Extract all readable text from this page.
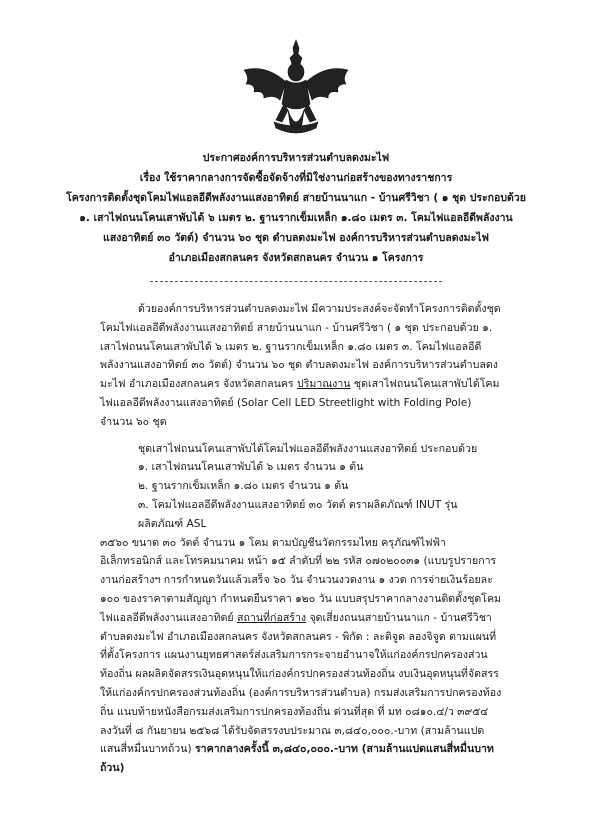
ประกาศองค์การบริหารส่วนตำบลดงมะไฟ
เรื่อง ใช้ราคากลางการจัดซื้อจัดจ้างที่มิใช่งานก่อสร้างของทางราชการ
โครงการติดตั้งชุดโคมไฟแอลอีดีพลังงานแสงอาทิตย์ สายบ้านนาแก - บ้านศรีวิชา ( ๑ ชุด ประกอบด้วย
๑. เสาไฟถนนโคนเสาพับได้ ๖ เมตร ๒. ฐานรากเข็มเหล็ก ๑.๘๐ เมตร ๓. โคมไฟแอลอีดีพลังงาน
แสงอาทิตย์ ๓๐ วัตต์) จำนวน ๖๐ ชุด ตำบลดงมะไฟ องค์การบริหารส่วนตำบลดงมะไฟ
อำเภอเมืองสกลนคร จังหวัดสกลนคร จำนวน ๑ โครงการ

ด้วยองค์การบริหารส่วนตำบลดงมะไฟ มีความประสงค์จะจัดทำโครงการติดตั้งชุดโคมไฟแอลอีดีพลังงานแสงอาทิตย์ สายบ้านนาแก - บ้านศรีวิชา ( ๑ ชุด ประกอบด้วย ๑. เสาไฟถนนโคนเสาพับได้ ๖ เมตร ๒. ฐานรากเข็มเหล็ก ๑.๘๐ เมตร ๓. โคมไฟแอลอีดีพลังงานแสงอาทิตย์ ๓๐ วัตต์) จำนวน ๖๐ ชุด ตำบลดงมะไฟ องค์การบริหารส่วนตำบลดงมะไฟ อำเภอเมืองสกลนคร จังหวัดสกลนคร ปริมาณงาน ชุดเสาไฟถนนโคนเสาพับได้โคมไฟแอลอีดีพลังงานแสงอาทิตย์ (Solar Cell LED Streetlight with Folding Pole) จำนวน ๖๐ ชุด

ชุดเสาไฟถนนโคนเสาพับได้โคมไฟแอลอีดีพลังงานแสงอาทิตย์ ประกอบด้วย
๑. เสาไฟถนนโคนเสาพับได้ ๖ เมตร จำนวน ๑ ต้น
๒. ฐานรากเข็มเหล็ก ๑.๘๐ เมตร จำนวน ๑ ต้น
๓. โคมไฟแอลอีดีพลังงานแสงอาทิตย์ ๓๐ วัตต์ ตราผลิตภัณฑ์ INUT รุ่นผลิตภัณฑ์ ASL

๓๕๖๐ ขนาด ๓๐ วัตต์ จำนวน ๑ โคม ตามบัญชีนวัตกรรมไทย ครุภัณฑ์ไฟฟ้า อิเล็กทรอนิกส์ และโทรคมนาคม หน้า ๑๕ ลำดับที่ ๒๒ รหัส ๐๗๐๒๐๐๓๑ (แบบรูปรายการงานก่อสร้างฯ การกำหนดวันแล้วเสร็จ ๖๐ วัน จำนวนงวดงาน ๑ งวด การจ่ายเงินร้อยละ ๑๐๐ ของราคาตามสัญญา กำหนดยืนราคา ๑๒๐ วัน แบบสรุปราคากลางงานติดตั้งชุดโคมไฟแอลอีดีพลังงานแสงอาทิตย์ สถานที่ก่อสร้าง จุดเสี่ยงถนนสายบ้านนาแก - บ้านศรีวิชา ตำบลดงมะไฟ อำเภอเมืองสกลนคร จังหวัดสกลนคร - พิกัด : ละติจูด ลองจิจูด ตามแผนที่ที่ตั้งโครงการ แผนงานยุทธศาสตร์ส่งเสริมการกระจายอำนาจให้แก่องค์กรปกครองส่วนท้องถิ่น ผลผลิตจัดสรรเงินอุดหนุนให้แก่องค์กรปกครองส่วนท้องถิ่น งบเงินอุดหนุนที่จัดสรรให้แก่องค์กรปกครองส่วนท้องถิ่น (องค์การบริหารส่วนตำบล) กรมส่งเสริมการปกครองท้องถิ่น แนบท้ายหนังสือกรมส่งเสริมการปกครองท้องถิ่น ด่วนที่สุด ที่ มท ๐๘๑๐.๔/ว ๓๙๕๔ ลงวันที่ ๘ กันยายน ๒๕๖๘ ได้รับจัดสรรงบประมาณ ๓,๘๔๐,๐๐๐.-บาท (สามล้านแปดแสนสี่หมื่นบาทถ้วน) ราคากลางครั้งนี้ ๓,๘๔๐,๐๐๐.-บาท (สามล้านแปดแสนสี่หมื่นบาทถ้วน)
